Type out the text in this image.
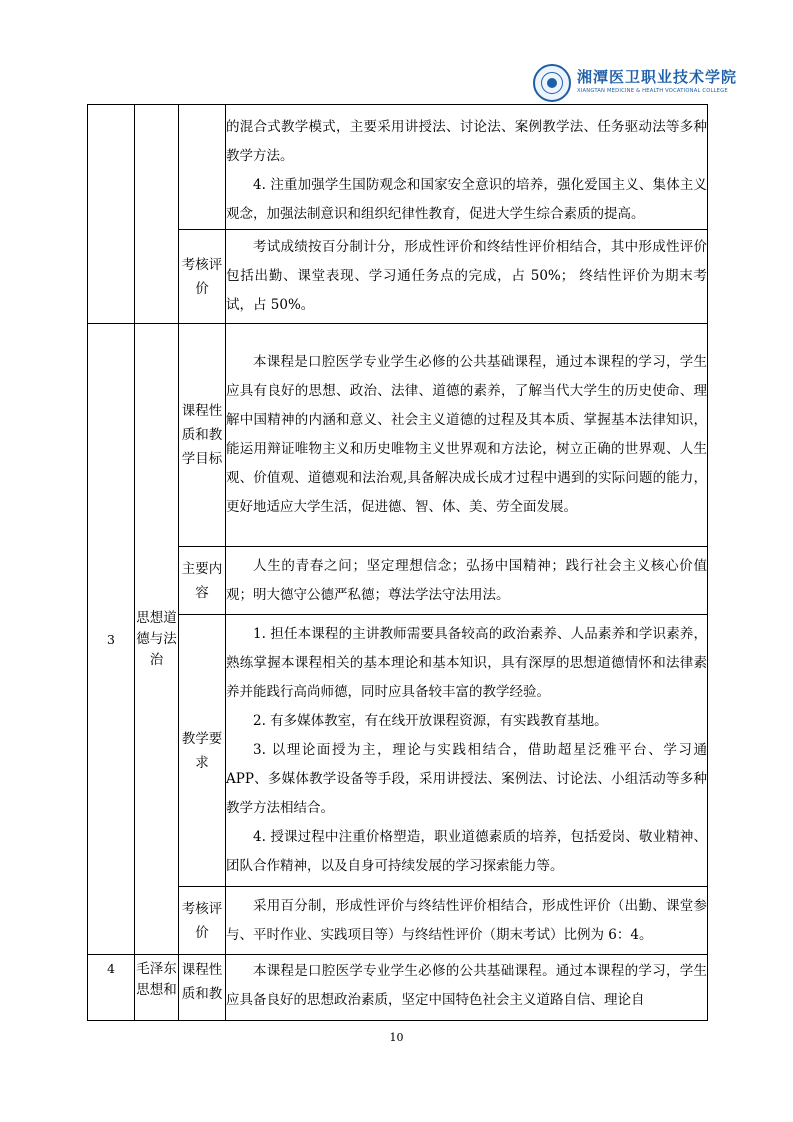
湘潭医卫职业技术学院
XIANGTAN MEDICINE & HEALTH VOCATIONAL COLLEGE

			的混合式教学模式，主要采用讲授法、讨论法、案例教学法、任务驱动法等多种教学方法。

4. 注重加强学生国防观念和国家安全意识的培养，强化爱国主义、集体主义观念，加强法制意识和组织纪律性教育，促进大学生综合素质的提高。

		考核评价	考试成绩按百分制计分，形成性评价和终结性评价相结合，其中形成性评价包括出勤、课堂表现、学习通任务点的完成，占 50%； 终结性评价为期末考试，占 50%。

3	思想道德与法治	课程性质和教学目标	本课程是口腔医学专业学生必修的公共基础课程，通过本课程的学习，学生应具有良好的思想、政治、法律、道德的素养，了解当代大学生的历史使命、理解中国精神的内涵和意义、社会主义道德的过程及其本质、掌握基本法律知识，能运用辩证唯物主义和历史唯物主义世界观和方法论，树立正确的世界观、人生观、价值观、道德观和法治观,具备解决成长成才过程中遇到的实际问题的能力，更好地适应大学生活，促进德、智、体、美、劳全面发展。

		主要内容	人生的青春之问；坚定理想信念；弘扬中国精神；践行社会主义核心价值观；明大德守公德严私德；尊法学法守法用法。

		教学要求	1. 担任本课程的主讲教师需要具备较高的政治素养、人品素养和学识素养，熟练掌握本课程相关的基本理论和基本知识，具有深厚的思想道德情怀和法律素养并能践行高尚师德，同时应具备较丰富的教学经验。

2. 有多媒体教室，有在线开放课程资源，有实践教育基地。

3. 以理论面授为主，理论与实践相结合，借助超星泛雅平台、学习通 APP、多媒体教学设备等手段，采用讲授法、案例法、讨论法、小组活动等多种教学方法相结合。

4. 授课过程中注重价格塑造，职业道德素质的培养，包括爱岗、敬业精神、团队合作精神，以及自身可持续发展的学习探索能力等。

		考核评价	采用百分制，形成性评价与终结性评价相结合，形成性评价（出勤、课堂参与、平时作业、实践项目等）与终结性评价（期末考试）比例为 6：4。

4	毛泽东思想和	课程性质和教	本课程是口腔医学专业学生必修的公共基础课程。通过本课程的学习，学生应具备良好的思想政治素质，坚定中国特色社会主义道路自信、理论自

10
